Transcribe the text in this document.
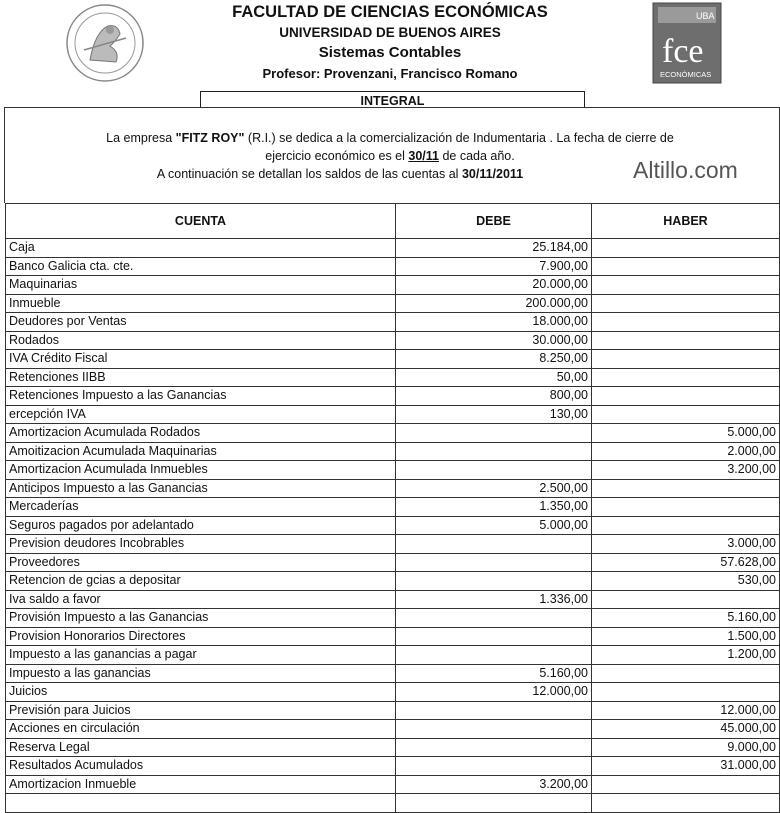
FACULTAD DE CIENCIAS ECONÓMICAS
UNIVERSIDAD DE BUENOS AIRES
Sistemas Contables
Profesor: Provenzani, Francisco Romano
UBA
fce
ECONÓMICAS
INTEGRAL
La empresa "FITZ ROY" (R.I.) se dedica a la comercialización de Indumentaria . La fecha de cierre de
ejercicio económico es el 30/11 de cada año.
A continuación se detallan los saldos de las cuentas al 30/11/2011	Altillo.com
CUENTA	DEBE	HABER
Caja	25.184,00	
Banco Galicia cta. cte.	7.900,00	
Maquinarias	20.000,00	
Inmueble	200.000,00	
Deudores por Ventas	18.000,00	
Rodados	30.000,00	
IVA Crédito Fiscal	8.250,00	
Retenciones IIBB	50,00	
Retenciones Impuesto a las Ganancias	800,00	
ercepción IVA	130,00	
Amortizacion Acumulada Rodados		5.000,00
Amoitizacion Acumulada Maquinarias		2.000,00
Amortizacion Acumulada Inmuebles		3.200,00
Anticipos Impuesto a las Ganancias	2.500,00	
Mercaderías	1.350,00	
Seguros pagados por adelantado	5.000,00	
Prevision deudores Incobrables		3.000,00
Proveedores		57.628,00
Retencion de gcias a depositar		530,00
Iva saldo a favor	1.336,00	
Provisión Impuesto a las Ganancias		5.160,00
Provision Honorarios Directores		1.500,00
Impuesto a las ganancias a pagar		1.200,00
Impuesto a las ganancias	5.160,00	
Juicios	12.000,00	
Previsión para Juicios		12.000,00
Acciones en circulación		45.000,00
Reserva Legal		9.000,00
Resultados Acumulados		31.000,00
Amortizacion Inmueble	3.200,00	
